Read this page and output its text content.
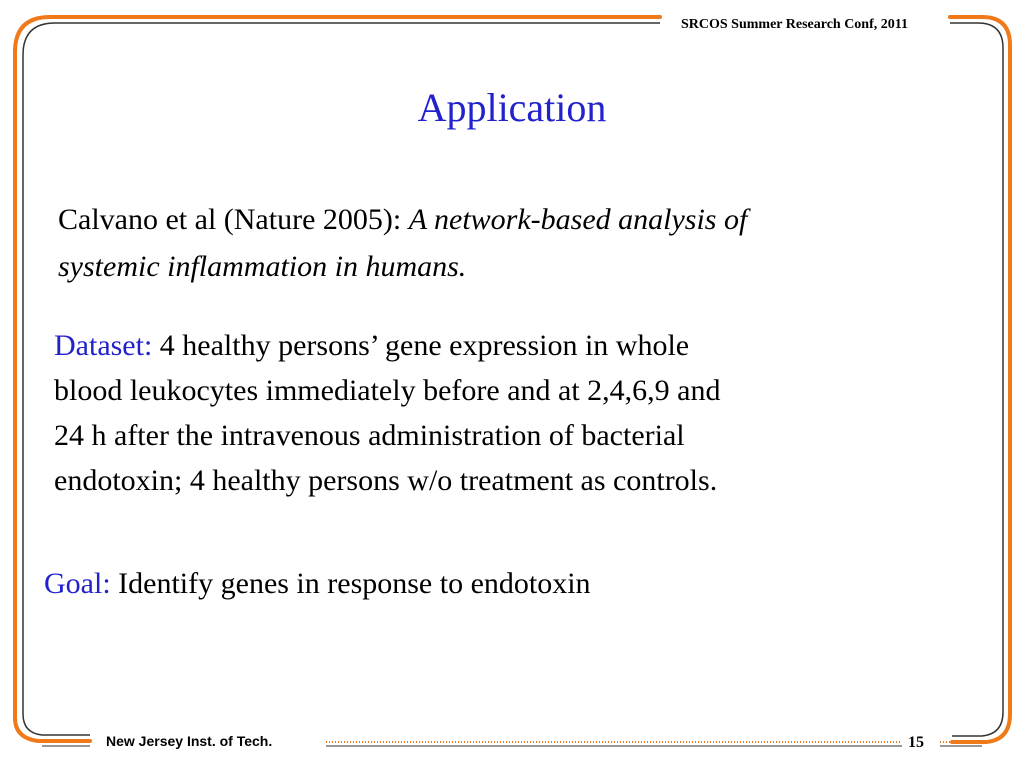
SRCOS Summer Research Conf, 2011
Application
Calvano et al (Nature 2005): A network-based analysis of
systemic inflammation in humans.
Dataset: 4 healthy persons’ gene expression in whole
blood leukocytes immediately before and at 2,4,6,9 and
24 h after the intravenous administration of bacterial
endotoxin; 4 healthy persons w/o treatment as controls.
Goal: Identify genes in response to endotoxin
New Jersey Inst. of Tech.	15
